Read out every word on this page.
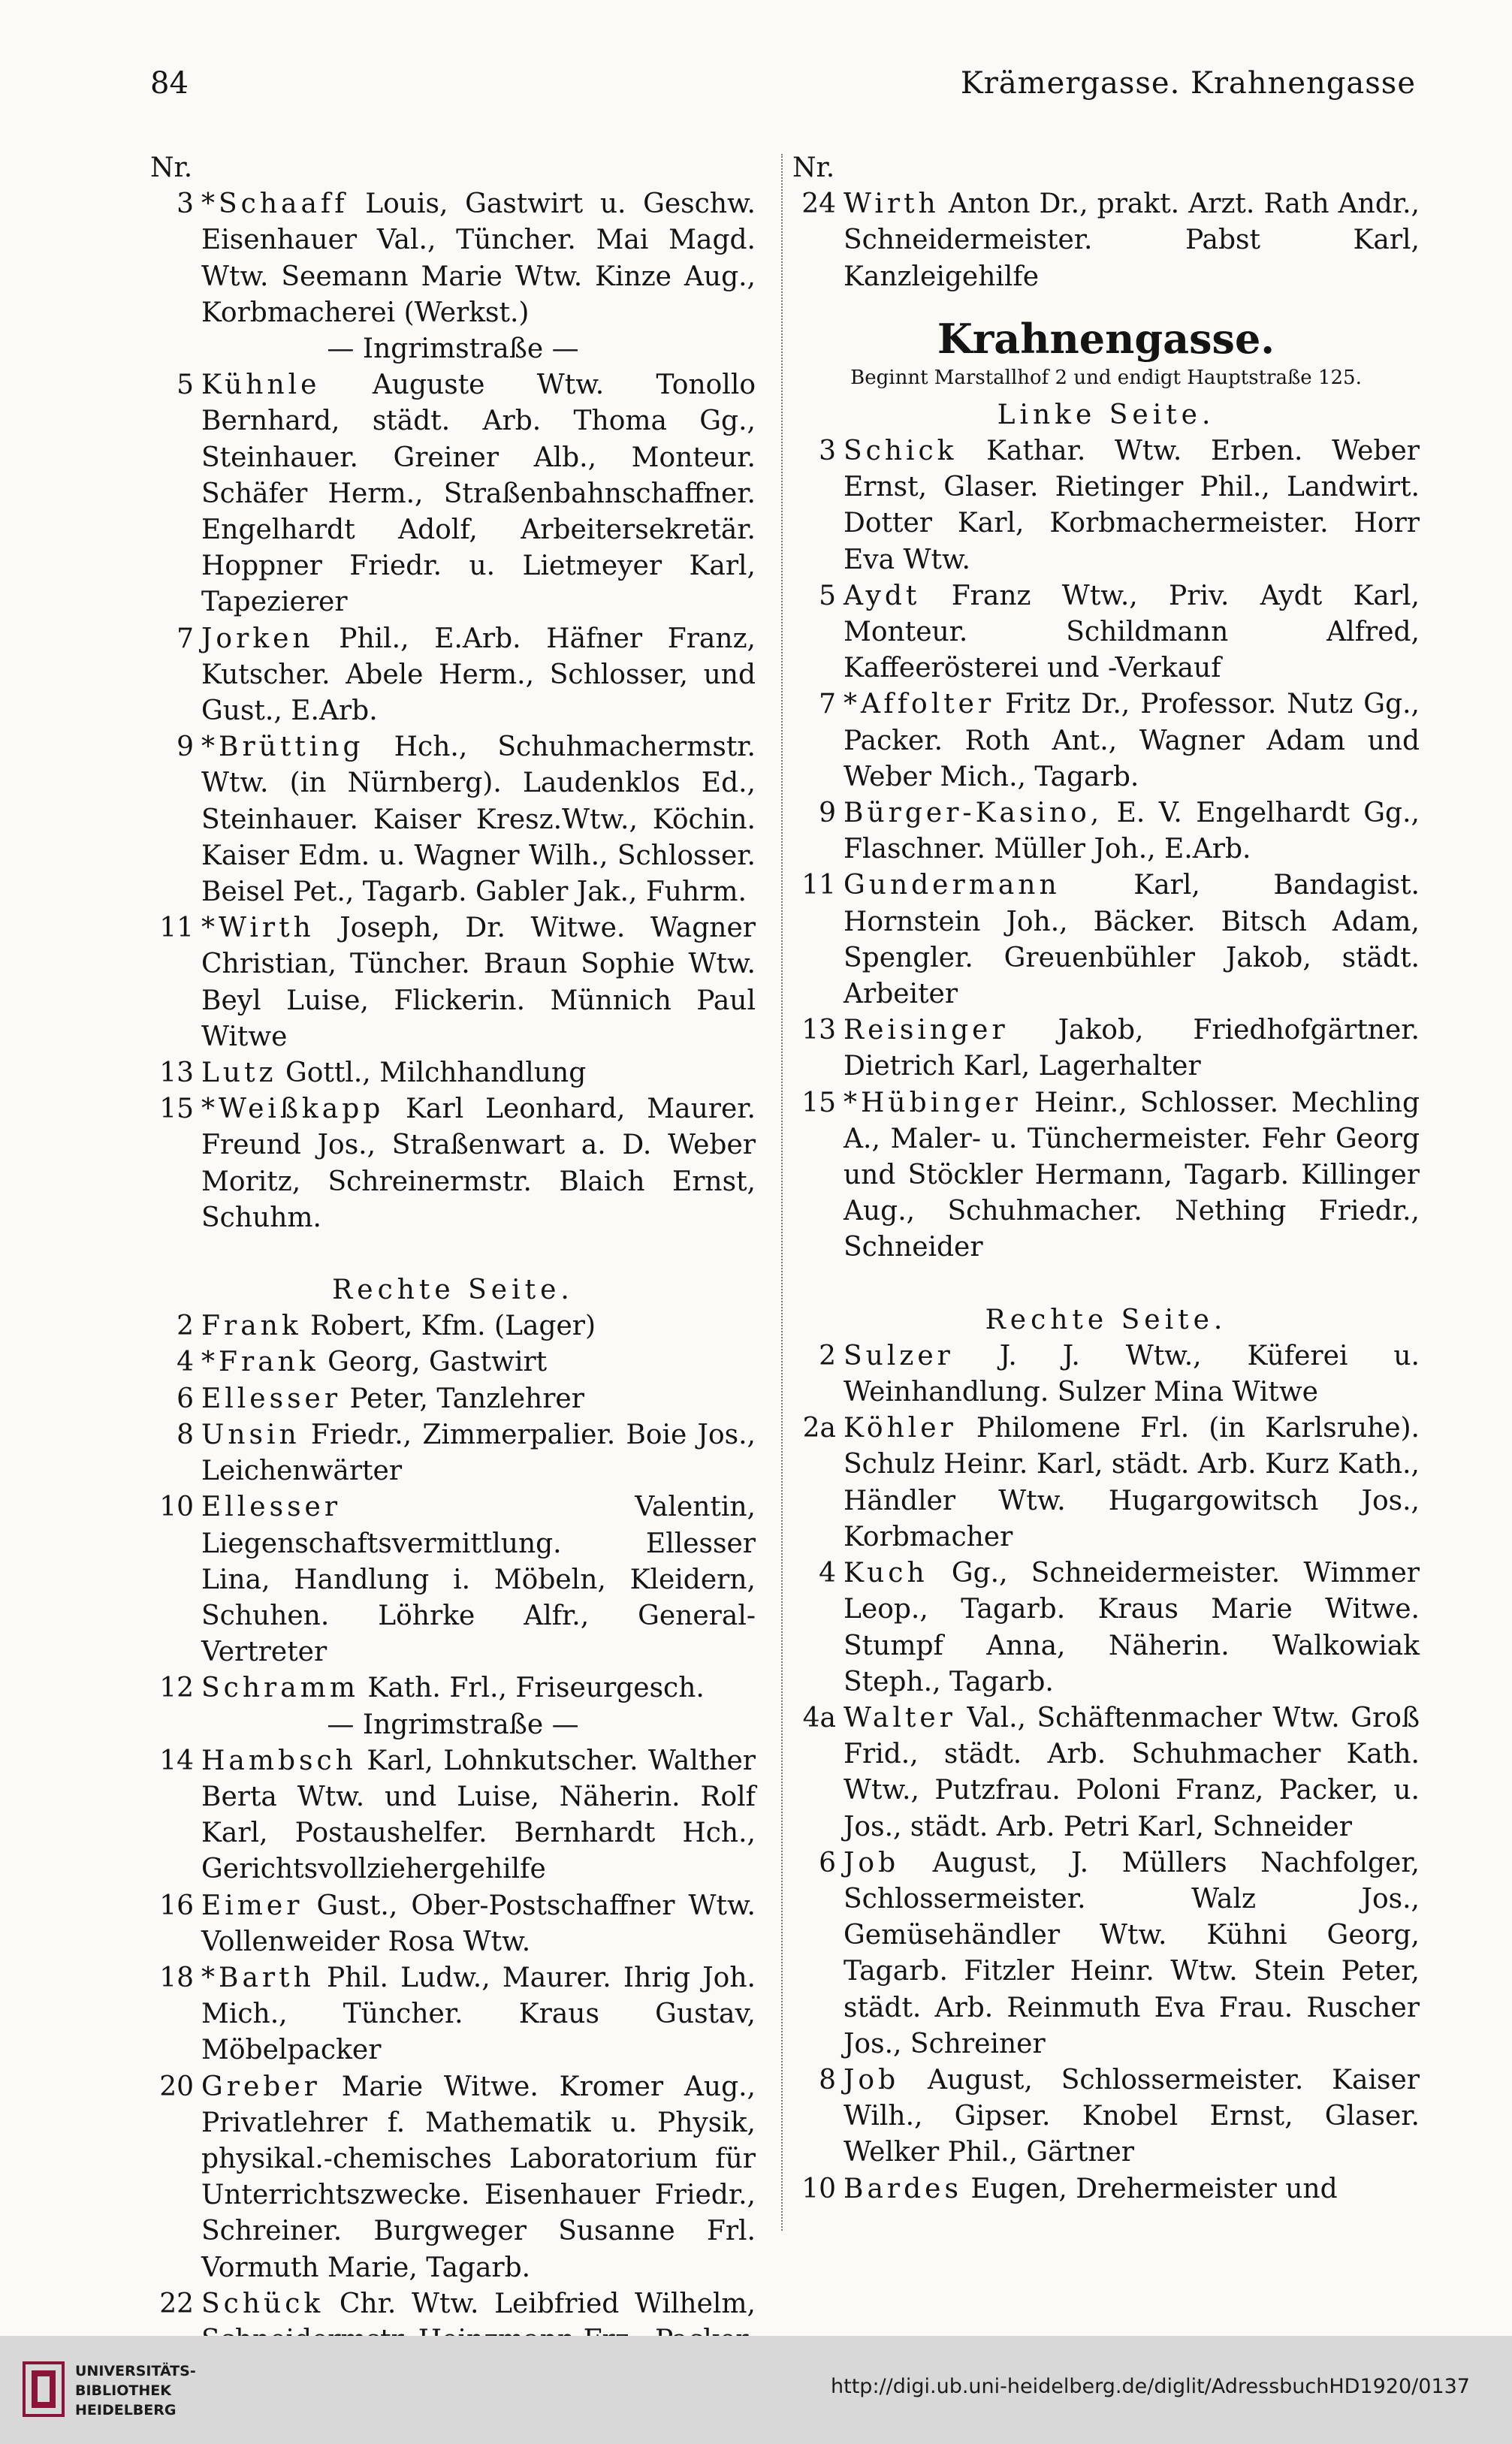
84	Krämergasse. Krahnengasse
Nr.
3 *Schaaff Louis, Gastwirt u. Geschw. Eisenhauer Val., Tüncher. Mai Magd. Wtw. Seemann Marie Wtw. Kinze Aug., Korbmacherei (Werkst.)
— Ingrimstraße —
5 Kühnle Auguste Wtw. Tonollo Bernhard, städt. Arb. Thoma Gg., Steinhauer. Greiner Alb., Monteur. Schäfer Herm., Straßenbahnschaffner. Engelhardt Adolf, Arbeitersekretär. Hoppner Friedr. u. Lietmeyer Karl, Tapezierer
7 Jorken Phil., E.Arb. Häfner Franz, Kutscher. Abele Herm., Schlosser, und Gust., E.Arb.
9 *Brütting Hch., Schuhmachermstr. Wtw. (in Nürnberg). Laudenklos Ed., Steinhauer. Kaiser Kresz.Wtw., Köchin. Kaiser Edm. u. Wagner Wilh., Schlosser. Beisel Pet., Tagarb. Gabler Jak., Fuhrm.
11 *Wirth Joseph, Dr. Witwe. Wagner Christian, Tüncher. Braun Sophie Wtw. Beyl Luise, Flickerin. Münnich Paul Witwe
13 Lutz Gottl., Milchhandlung
15 *Weißkapp Karl Leonhard, Maurer. Freund Jos., Straßenwart a. D. Weber Moritz, Schreinermstr. Blaich Ernst, Schuhm.
Rechte Seite.
2 Frank Robert, Kfm. (Lager)
4 *Frank Georg, Gastwirt
6 Ellesser Peter, Tanzlehrer
8 Unsin Friedr., Zimmerpalier. Boie Jos., Leichenwärter
10 Ellesser	Valentin, Liegenschaftsvermittlung. Ellesser Lina, Handlung i. Möbeln, Kleidern, Schuhen. Löhrke Alfr., General-Vertreter
12 Schramm Kath. Frl., Friseurgesch.
— Ingrimstraße —
14 Hambsch Karl, Lohnkutscher. Walther Berta Wtw. und Luise, Näherin. Rolf Karl, Postaushelfer. Bernhardt Hch., Gerichtsvollziehergehilfe
16 Eimer Gust., Ober-Postschaffner Wtw. Vollenweider Rosa Wtw.
18 *Barth Phil. Ludw., Maurer. Ihrig Joh. Mich., Tüncher. Kraus Gustav, Möbelpacker
20 Greber Marie Witwe. Kromer Aug., Privatlehrer f. Mathematik u. Physik, physikal.-chemisches Laboratorium für Unterrichtszwecke. Eisenhauer Friedr., Schreiner. Burgweger Susanne Frl. Vormuth Marie, Tagarb.
22 Schück Chr. Wtw. Leibfried Wilhelm,
Nr.
24 Wirth Anton Dr., prakt. Arzt. Rath Andr., Schneidermeister. Pabst Karl, Kanzleigehilfe
Krahnengasse.
Beginnt Marstallhof 2 und endigt Hauptstraße 125.
Linke Seite.
3 Schick Kathar. Wtw. Erben. Weber Ernst, Glaser. Rietinger Phil., Landwirt. Dotter Karl, Korbmachermeister. Horr Eva Wtw.
5 Aydt Franz Wtw., Priv. Aydt Karl, Monteur. Schildmann Alfred, Kaffeerösterei und -Verkauf
7 *Affolter Fritz Dr., Professor. Nutz Gg., Packer. Roth Ant., Wagner Adam und Weber Mich., Tagarb.
9 Bürger-Kasino, E. V. Engelhardt Gg., Flaschner. Müller Joh., E.Arb.
11 Gundermann	Karl, Bandagist. Hornstein Joh., Bäcker. Bitsch Adam, Spengler. Greuenbühler Jakob, städt. Arbeiter
13 Reisinger Jakob, Friedhofgärtner. Dietrich Karl, Lagerhalter
15 *Hübinger Heinr., Schlosser. Mechling A., Maler- u. Tünchermeister. Fehr Georg und Stöckler Hermann, Tagarb. Killinger Aug., Schuhmacher. Nething Friedr., Schneider
Rechte Seite.
2 Sulzer J. J. Wtw., Küferei u. Weinhandlung. Sulzer Mina Witwe
2a Köhler Philomene Frl. (in Karlsruhe). Schulz Heinr. Karl, städt. Arb. Kurz Kath., Händler Wtw. Hugargowitsch Jos., Korbmacher
4 Kuch Gg., Schneidermeister. Wimmer Leop., Tagarb. Kraus Marie Witwe. Stumpf Anna, Näherin. Walkowiak Steph., Tagarb.
4a Walter Val., Schäftenmacher Wtw. Groß Frid., städt. Arb. Schuhmacher Kath. Wtw., Putzfrau. Poloni Franz, Packer, u. Jos., städt. Arb. Petri Karl, Schneider
6 Job August, J. Müllers Nachfolger, Schlossermeister. Walz Jos., Gemüsehändler Wtw. Kühni Georg, Tagarb. Fitzler Heinr. Wtw. Stein Peter, städt. Arb. Reinmuth Eva Frau. Ruscher Jos., Schreiner
8 Job August, Schlossermeister. Kaiser Wilh., Gipser. Knobel Ernst, Glaser. Welker Phil., Gärtner
10 Bardes Eugen, Drehermeister und
UNIVERSITÄTS-
BIBLIOTHEK
HEIDELBERG
http://digi.ub.uni-heidelberg.de/diglit/AdressbuchHD1920/0137
